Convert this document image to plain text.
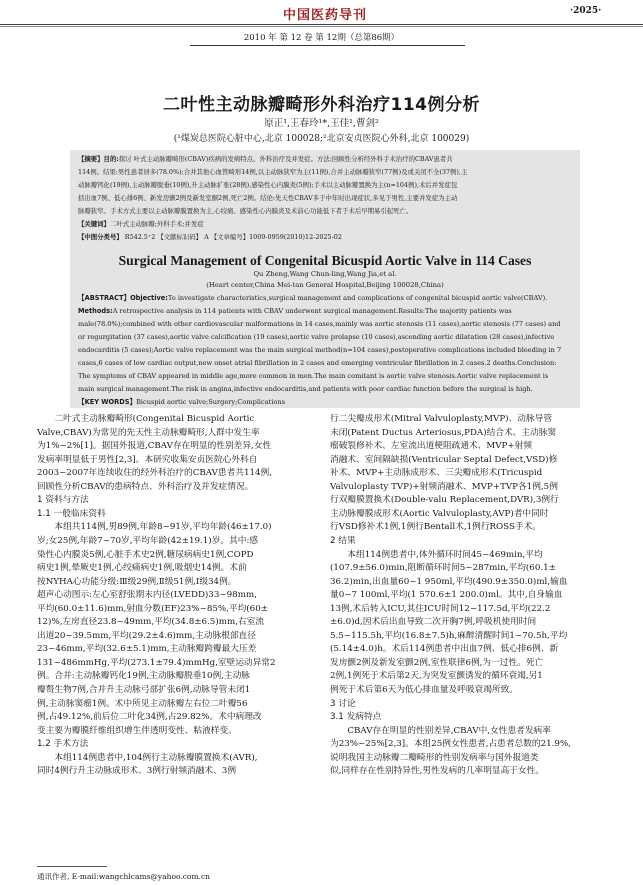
中国医药导刊	·2025·
2010 年 第 12 卷 第 12期（总第86期）
二叶性主动脉瓣畸形外科治疗114例分析
原正¹,王春玲¹*,王佳¹,曹剑²
(¹煤炭总医院心脏中心,北京 100028;²北京安贞医院心外科,北京 100029)
【摘要】目的:探讨 叶式主动脉瓣畸形(CBAV)疾病的发病特点、外科治疗及并发症。方法:回顾性分析经外科手术治疗的CBAV患者共
114例。结果:男性患者居多(78.0%);合并其他心血管畸形14例,以主动脉狭窄为主(11例),合并主动脉瓣狭窄(77例)及或关闭不全(37例),主
动脉瓣钙化(19例),主动脉瓣脱垂(10例),升主动脉扩张(28例),感染性心内膜炎(5例);手术以主动脉瓣置换为主(n=104例),术后并发症包
括出血7例、低心排6例、新发房颤2例及新发室颤2例,死亡2例。结论:先天性CBAV多于中年时出现症状,多见于男性,主要并发症为主动
脉瓣狭窄。手术方式主要以主动脉瓣膜置换为主,心绞痛、感染性心内膜炎及术前心功能低下者于术后早期易引起死亡。
【关键词】二叶式主动脉瓣;外科手术;并发症
【中图分类号】 R542.5⁺2 【文献标识码】 A 【文章编号】1009-0959(2010)12-2025-02
Surgical Management of Congenital Bicuspid Aortic Valve in 114 Cases
Qu Zheng,Wang Chun-ling,Wang Jia,et al.
(Heart center,China Mei-tan General Hospital,Beijing 100028,China)
【ABSTRACT】Objective:To investigate characteristics,surgical management and complications of congenital bicuspid aortic valve(CBAV).
Methods:A retrospective analysis in 114 patients with CBAV underwent surgical management.Results:The majority patients was
male(78.0%);combined with other cardiovascular malformations in 14 cases,mainly was aortic stenosis (11 cases),aortic stenosis (77 cases) and
or regurgitation (37 cases),aortic valve calcification (19 cases),aortic valve prolapse (10 cases),ascending aortic dilatation (28 cases),infective
endocarditis (5 cases);Aortic valve replacement was the main surgical method(n=104 cases),postoperative complications included bleeding in 7
cases,6 cases of low cardiac output,new onset atrial fibrillation in 2 cases and emerging ventricular fibrillation in 2 cases.2 deaths.Conclusion:
The symptoms of CBAV appeared in middle age,more common in men.The main comitant is aortic valve stenosis.Aortic valve replacement is
main surgical management.The risk in angina,infective endocarditis,and patients with poor cardiac function before the surgical is high.
【KEY WORDS】Bicuspid aortic valve;Surgery;Complications
　　二叶式主动脉瓣畸形(Congenital Bicuspid Aortic
Valve,CBAV)为常见的先天性主动脉瓣畸形,人群中发生率
为1%~2%[1]。据国外报道,CBAV存在明显的性别差异,女性
发病率明显低于男性[2,3]。本研究收集安贞医院心外科自
2003~2007年连续收住的经外科治疗的CBAV患者共114例,
回顾性分析CBAV的患病特点、外科治疗及并发症情况。
1 资料与方法
1.1 一般临床资料
　　本组共114例,男89例,年龄8~91岁,平均年龄(46±17.0)
岁;女25例,年龄7~70岁,平均年龄(42±19.1)岁。其中:感
染性心内膜炎5例,心脏手术史2例,糖尿病病史1例,COPD
病史1例,晕厥史1例,心绞痛病史1例,吸烟史14例。术前
按NYHA心功能分级:Ⅲ级29例,Ⅱ级51例,Ⅰ级34例。
超声心动图示:左心室舒张期末内径(LVEDD)33~98mm,
平均(60.0±11.6)mm,射血分数(EF)23%~85%,平均(60±
12)%,左房直径23.8~49mm,平均(34.8±6.5)mm,右室流
出道20~39.5mm,平均(29.2±4.6)mm,主动脉根部直径
23~46mm,平均(32.6±5.1)mm,主动脉瓣跨瓣最大压差
131~486mmHg,平均(273.1±79.4)mmHg,室壁运动异常2
例。合并:主动脉瓣钙化19例,主动脉瓣脱垂10例,主动脉
瓣赘生物7例,合并升主动脉弓部扩张6例,动脉导管未闭1
例,主动脉窦瘤1例。术中所见主动脉瓣左右位二叶瓣56
例,占49.12%,前后位二叶化34例,占29.82%。术中病理改
变主要为瓣膜纤维组织增生伴透明变性、粘液样变。
1.2 手术方法
　　本组114例患者中,104例行主动脉瓣膜置换术(AVR),
同时4例行升主动脉成形术、3例行射频消融术、3例
行二尖瓣成形术(Mitral Valvuloplasty,MVP)、动脉导管
未闭(Patent Ductus Arteriosus,PDA)结合术、主动脉窦
瘤破裂修补术、左室流出道梗阻疏通术、MVP+射频
消融术、室间隔缺损(Ventricular Septal Defect,VSD)修
补术、MVP+主动脉成形术、三尖瓣成形术(Tricuspid
Valvuloplasty TVP)+射频消融术、MVP+TVP各1例,5例
行双瓣膜置换术(Double-valu Replacement,DVR),3例行
主动脉瓣膜成形术(Aortic Valvuloplasty,AVP)者中同时
行VSD修补术1例,1例行Bentall术,1例行ROSS手术。
2 结果
　　本组114例患者中,体外循环时间45~469min,平均
(107.9±56.0)min,阻断循环时间5~287min,平均(60.1±
36.2)min,出血量60~1 950ml,平均(490.9±350.0)ml,输血
量0~7 100ml,平均(1 570.6±1 200.0)ml。其中,自身输血
13例,术后转入ICU,其住ICU时间12~117.5d,平均(22.2
±6.0)d,因术后出血导致二次开胸7例,呼吸机使用时间
5.5~115.5h,平均(16.8±7.5)h,麻醉清醒时间1~70.5h,平均
(5.14±4.0)h。术后114例患者中出血7例、低心排6例、新
发房颤2例及新发室颤2例,室性联律6例,为一过性。死亡
2例,1例死于术后第2天,为突发室颤诱发的循环衰竭,另1
例死于术后第6天为低心排血量及呼吸衰竭所致。
3 讨论
3.1 发病特点
　　CBAV存在明显的性别差异,CBAV中,女性患者发病率
为23%~25%[2,3]。本组25例女性患者,占患者总数的21.9%,
说明我国主动脉瓣二瓣畸形的性别发病率与国外报道类
似,同样存在性别特异性,男性发病的几率明显高于女性。
通讯作者, E-mail:wangchlcams@yahoo.com.cn
